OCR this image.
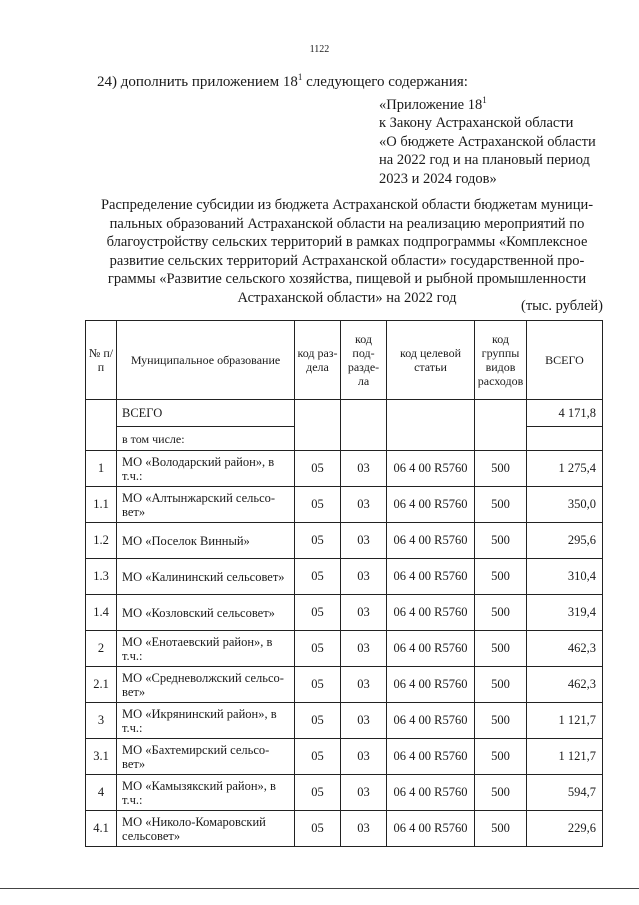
1122
24) дополнить приложением $18^1$ следующего содержания:
«Приложение $18^1$
к Закону Астраханской области
«О бюджете Астраханской области
на 2022 год и на плановый период
2023 и 2024 годов»
Распределение субсидии из бюджета Астраханской области бюджетам муници-
пальных образований Астраханской области на реализацию мероприятий по
благоустройству сельских территорий в рамках подпрограммы «Комплексное
развитие сельских территорий Астраханской области» государственной про-
граммы «Развитие сельского хозяйства, пищевой и рыбной промышленности
Астраханской области» на 2022 год
(тыс. рублей)
№ п/п	Муниципальное образование	код раз-дела	код под-разде-ла	код целевой статьи	код группы видов расходов	ВСЕГО
	ВСЕГО					4 171,8
	в том числе:					
1	МО «Володарский район», в т.ч.:	05	03	06 4 00 R5760	500	1 275,4
1.1	МО «Алтынжарский сельсо-вет»	05	03	06 4 00 R5760	500	350,0
1.2	МО «Поселок Винный»	05	03	06 4 00 R5760	500	295,6
1.3	МО «Калининский сельсовет»	05	03	06 4 00 R5760	500	310,4
1.4	МО «Козловский сельсовет»	05	03	06 4 00 R5760	500	319,4
2	МО «Енотаевский район», в т.ч.:	05	03	06 4 00 R5760	500	462,3
2.1	МО «Средневолжский сельсо-вет»	05	03	06 4 00 R5760	500	462,3
3	МО «Икрянинский район», в т.ч.:	05	03	06 4 00 R5760	500	1 121,7
3.1	МО «Бахтемирский сельсо-вет»	05	03	06 4 00 R5760	500	1 121,7
4	МО «Камызякский район», в т.ч.:	05	03	06 4 00 R5760	500	594,7
4.1	МО «Николо-Комаровский сельсовет»	05	03	06 4 00 R5760	500	229,6
